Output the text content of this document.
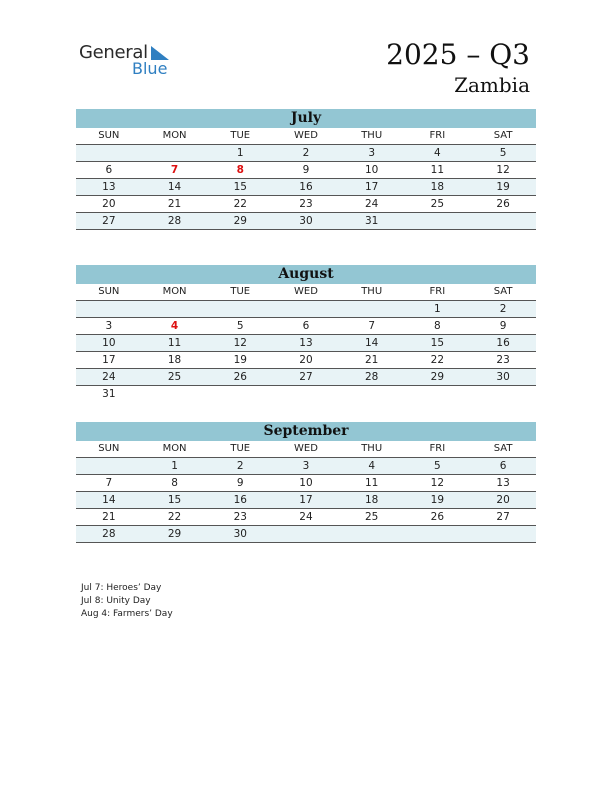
General
Blue	2025 – Q3
Zambia
July
SUN	MON	TUE	WED	THU	FRI	SAT
		1	2	3	4	5
6	7	8	9	10	11	12
13	14	15	16	17	18	19
20	21	22	23	24	25	26
27	28	29	30	31		
August
SUN	MON	TUE	WED	THU	FRI	SAT
					1	2
3	4	5	6	7	8	9
10	11	12	13	14	15	16
17	18	19	20	21	22	23
24	25	26	27	28	29	30
31						
September
SUN	MON	TUE	WED	THU	FRI	SAT
	1	2	3	4	5	6
7	8	9	10	11	12	13
14	15	16	17	18	19	20
21	22	23	24	25	26	27
28	29	30				
Jul 7: Heroes’ Day
Jul 8: Unity Day
Aug 4: Farmers’ Day
